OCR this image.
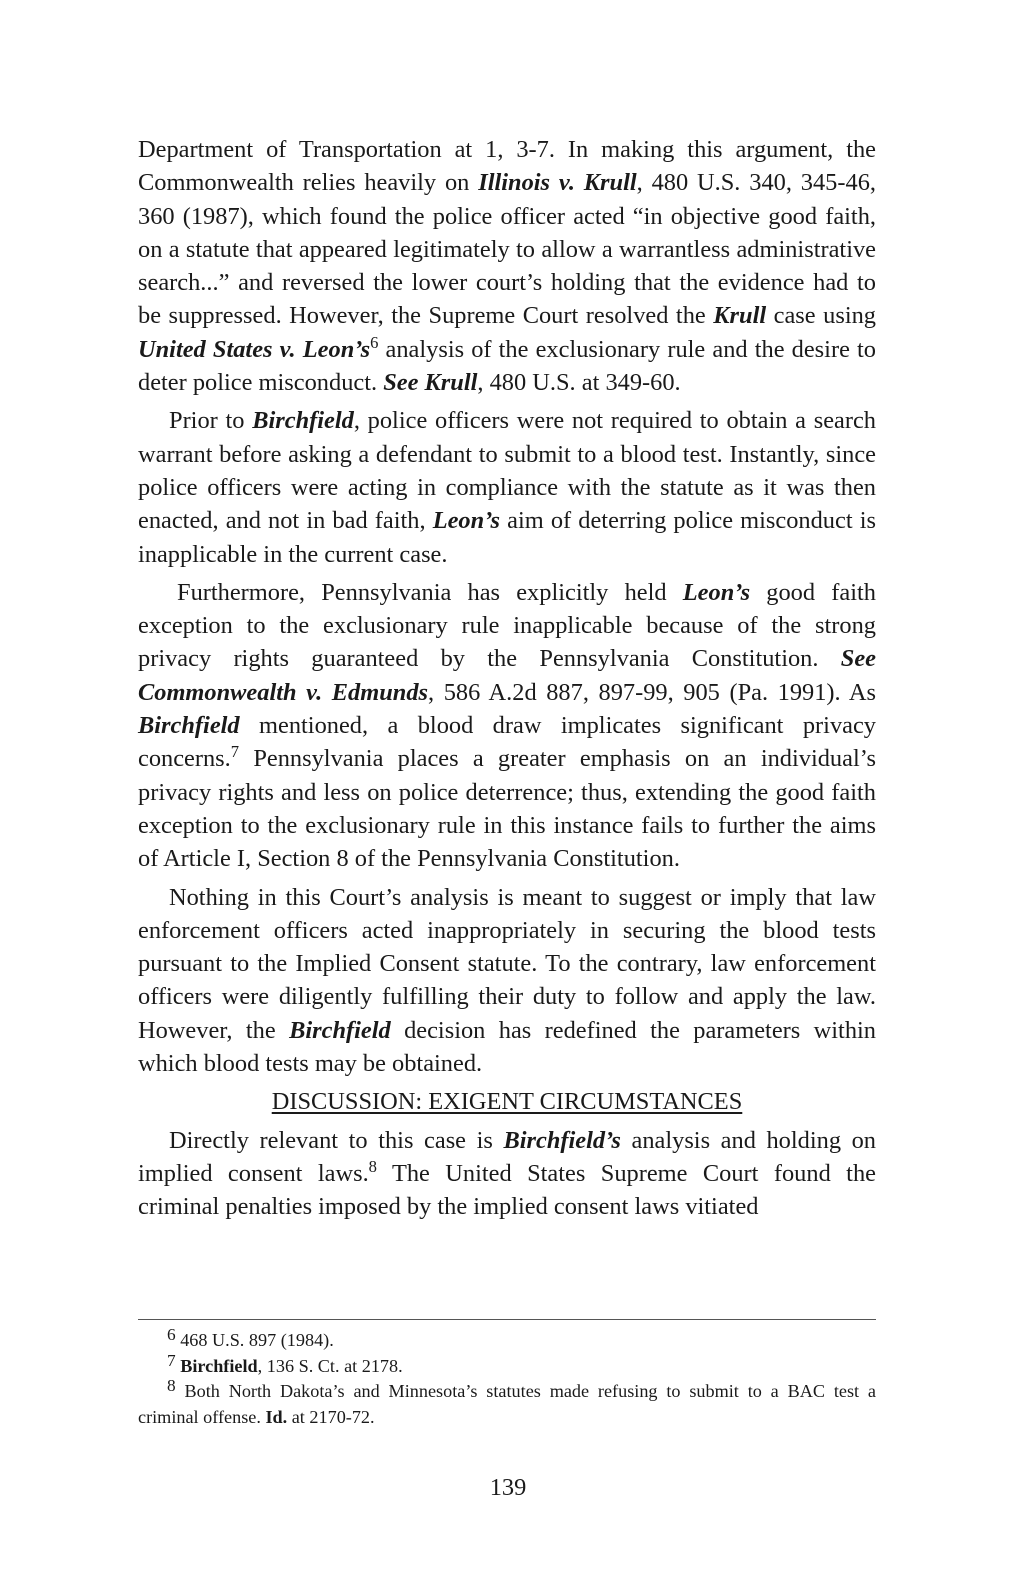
Department of Transportation at 1, 3-7. In making this argument, the Commonwealth relies heavily on Illinois v. Krull, 480 U.S. 340, 345-46, 360 (1987), which found the police officer acted “in objective good faith, on a statute that appeared legitimately to allow a warrantless administrative search...” and reversed the lower court’s holding that the evidence had to be suppressed. However, the Supreme Court resolved the Krull case using United States v. $Leon’s^6$ analysis of the exclusionary rule and the desire to deter police misconduct. See Krull, 480 U.S. at 349-60.

Prior to Birchfield, police officers were not required to obtain a search warrant before asking a defendant to submit to a blood test. Instantly, since police officers were acting in compliance with the statute as it was then enacted, and not in bad faith, Leon’s aim of deterring police misconduct is inapplicable in the current case.

Furthermore, Pennsylvania has explicitly held Leon’s good faith exception to the exclusionary rule inapplicable because of the strong privacy rights guaranteed by the Pennsylvania Constitution. See Commonwealth v. Edmunds, 586 A.2d 887, 897-99, 905 (Pa. 1991). As Birchfield mentioned, a blood draw implicates significant privacy concerns.$^7$ Pennsylvania places a greater emphasis on an individual’s privacy rights and less on police deterrence; thus, extending the good faith exception to the exclusionary rule in this instance fails to further the aims of Article I, Section 8 of the Pennsylvania Constitution.

Nothing in this Court’s analysis is meant to suggest or imply that law enforcement officers acted inappropriately in securing the blood tests pursuant to the Implied Consent statute. To the contrary, law enforcement officers were diligently fulfilling their duty to follow and apply the law. However, the Birchfield decision has redefined the parameters within which blood tests may be obtained.

DISCUSSION: EXIGENT CIRCUMSTANCES

Directly relevant to this case is Birchfield’s analysis and holding on implied consent laws.$^8$ The United States Supreme Court found the criminal penalties imposed by the implied consent laws vitiated

$^6$ 468 U.S. 897 (1984).

$^7$ Birchfield, 136 S. Ct. at 2178.

$^8$ Both North Dakota’s and Minnesota’s statutes made refusing to submit to a BAC test a criminal offense. Id. at 2170-72.

139
